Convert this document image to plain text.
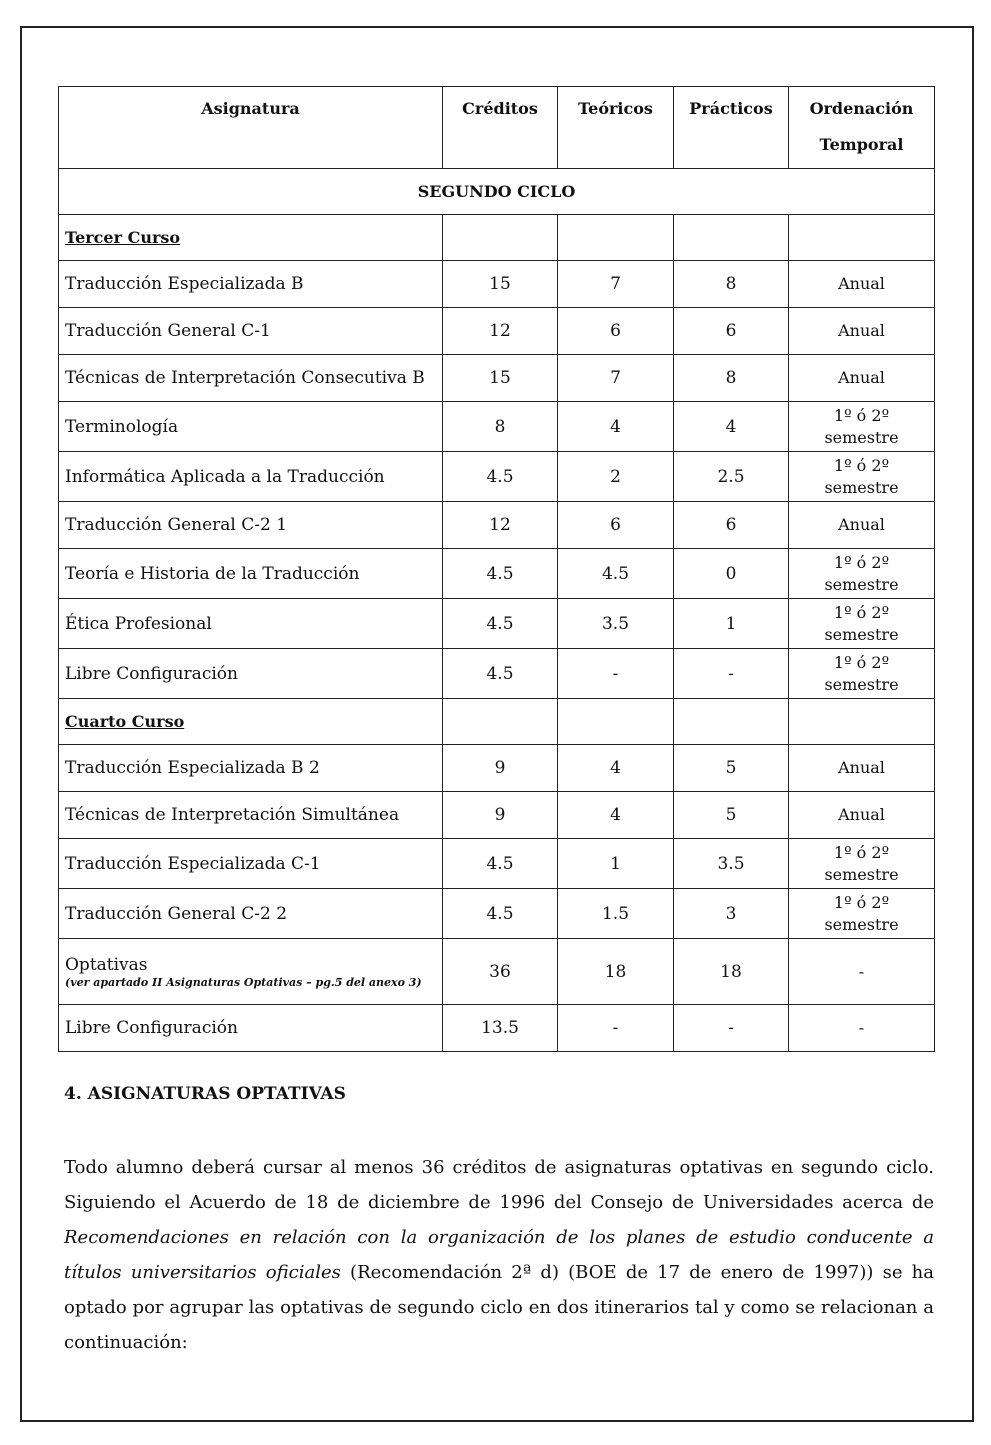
Asignatura	Créditos	Teóricos	Prácticos	Ordenación
Temporal
SEGUNDO CICLO				
Tercer Curso				
Traducción Especializada B	15	7	8	Anual
Traducción General C-1	12	6	6	Anual
Técnicas de Interpretación Consecutiva B	15	7	8	Anual
Terminología	8	4	4	1º ó 2º semestre
Informática Aplicada a la Traducción	4.5	2	2.5	1º ó 2º semestre
Traducción General C-2 1	12	6	6	Anual
Teoría e Historia de la Traducción	4.5	4.5	0	1º ó 2º semestre
Ética Profesional	4.5	3.5	1	1º ó 2º semestre
Libre Configuración	4.5	-	-	1º ó 2º semestre
Cuarto Curso				
Traducción Especializada B 2	9	4	5	Anual
Técnicas de Interpretación Simultánea	9	4	5	Anual
Traducción Especializada C-1	4.5	1	3.5	1º ó 2º semestre
Traducción General C-2 2	4.5	1.5	3	1º ó 2º semestre
Optativas
(ver apartado II Asignaturas Optativas – pg.5 del anexo 3)	36	18	18	-
Libre Configuración	13.5	-	-	-
4. ASIGNATURAS OPTATIVAS
Todo alumno deberá cursar al menos 36 créditos de asignaturas optativas en segundo ciclo. Siguiendo el Acuerdo de 18 de diciembre de 1996 del Consejo de Universidades acerca de Recomendaciones en relación con la organización de los planes de estudio conducente a títulos universitarios oficiales (Recomendación 2ª d) (BOE de 17 de enero de 1997)) se ha optado por agrupar las optativas de segundo ciclo en dos itinerarios tal y como se relacionan a continuación:
